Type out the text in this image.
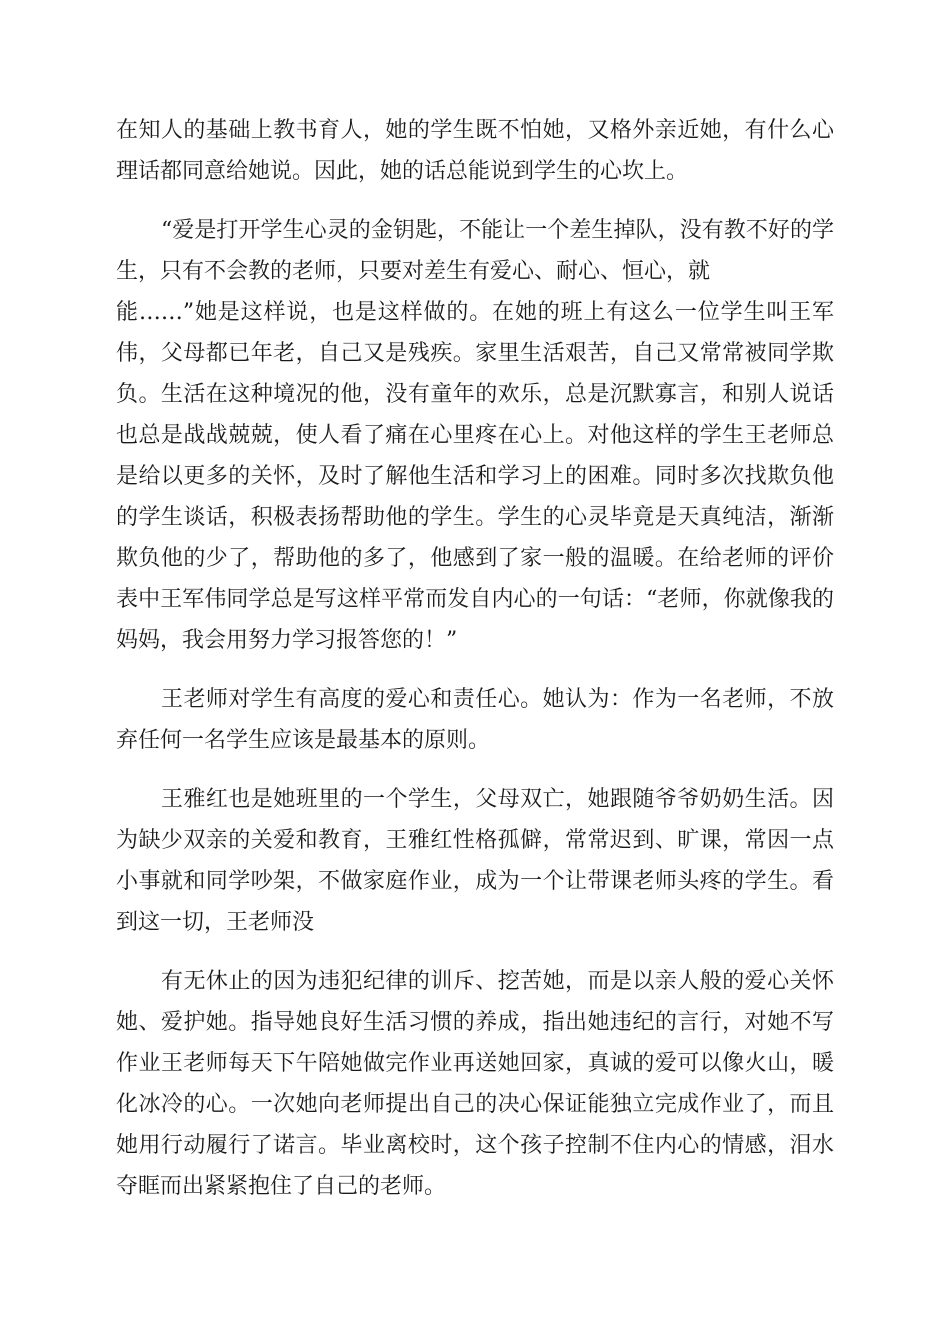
在知人的基础上教书育人，她的学生既不怕她，又格外亲近她，有什么心理话都同意给她说。因此，她的话总能说到学生的心坎上。

“爱是打开学生心灵的金钥匙，不能让一个差生掉队，没有教不好的学生，只有不会教的老师，只要对差生有爱心、耐心、恒心，就
能……”她是这样说，也是这样做的。在她的班上有这么一位学生叫王军伟，父母都已年老，自己又是残疾。家里生活艰苦，自己又常常被同学欺负。生活在这种境况的他，没有童年的欢乐，总是沉默寡言，和别人说话也总是战战兢兢，使人看了痛在心里疼在心上。对他这样的学生王老师总是给以更多的关怀，及时了解他生活和学习上的困难。同时多次找欺负他的学生谈话，积极表扬帮助他的学生。学生的心灵毕竟是天真纯洁，渐渐欺负他的少了，帮助他的多了，他感到了家一般的温暖。在给老师的评价表中王军伟同学总是写这样平常而发自内心的一句话：“老师，你就像我的妈妈，我会用努力学习报答您的！”

王老师对学生有高度的爱心和责任心。她认为：作为一名老师，不放弃任何一名学生应该是最基本的原则。

王雅红也是她班里的一个学生，父母双亡，她跟随爷爷奶奶生活。因为缺少双亲的关爱和教育，王雅红性格孤僻，常常迟到、旷课，常因一点小事就和同学吵架，不做家庭作业，成为一个让带课老师头疼的学生。看到这一切，王老师没

有无休止的因为违犯纪律的训斥、挖苦她，而是以亲人般的爱心关怀她、爱护她。指导她良好生活习惯的养成，指出她违纪的言行，对她不写作业王老师每天下午陪她做完作业再送她回家，真诚的爱可以像火山，暖化冰冷的心。一次她向老师提出自己的决心保证能独立完成作业了，而且她用行动履行了诺言。毕业离校时，这个孩子控制不住内心的情感，泪水夺眶而出紧紧抱住了自己的老师。
